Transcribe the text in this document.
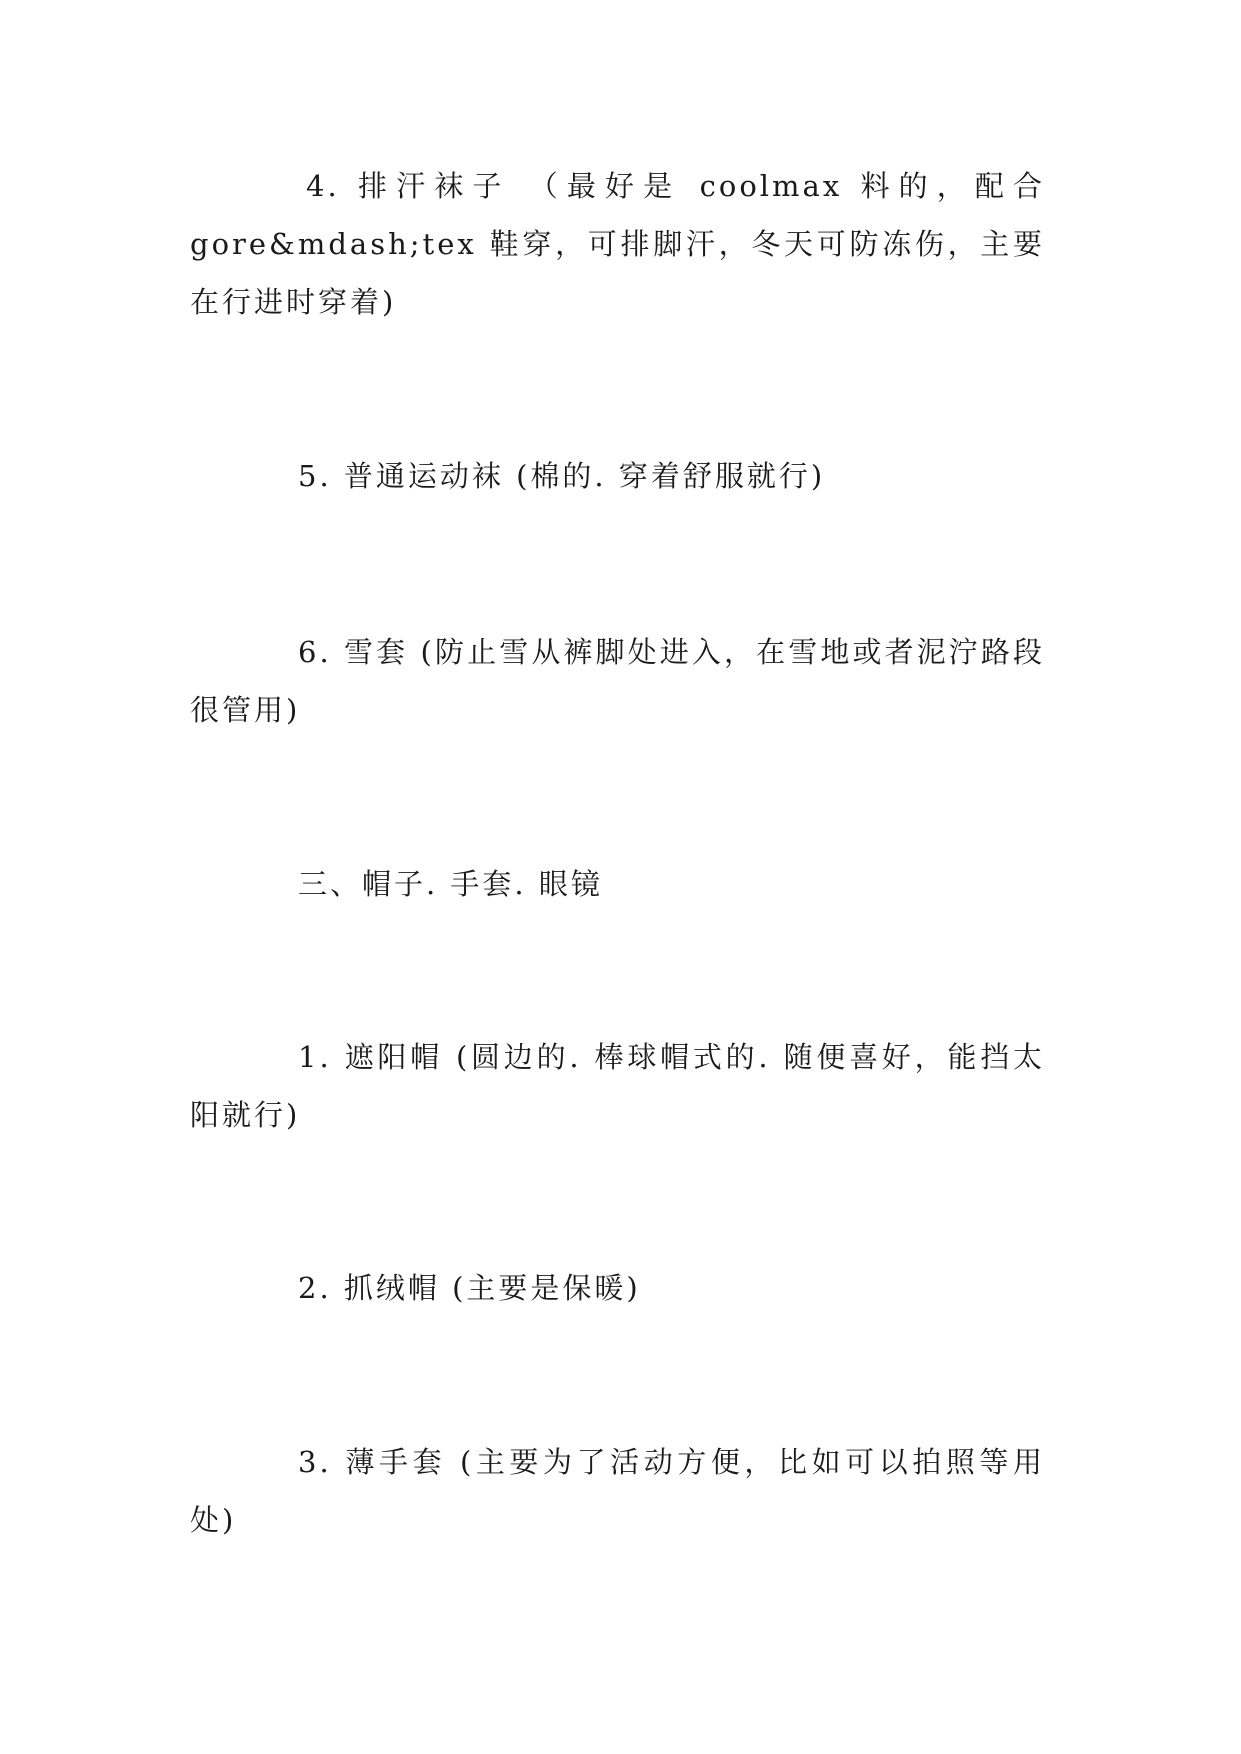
4. 排汗袜子 （最好是 coolmax 料的，配合 gore&mdash;tex 鞋穿，可排脚汗，冬天可防冻伤，主要在行进时穿着)

5. 普通运动袜 (棉的. 穿着舒服就行)

6. 雪套 (防止雪从裤脚处进入，在雪地或者泥泞路段很管用)

三、帽子. 手套. 眼镜

1. 遮阳帽 (圆边的. 棒球帽式的. 随便喜好，能挡太阳就行)

2. 抓绒帽 (主要是保暖)

3. 薄手套 (主要为了活动方便，比如可以拍照等用处)
